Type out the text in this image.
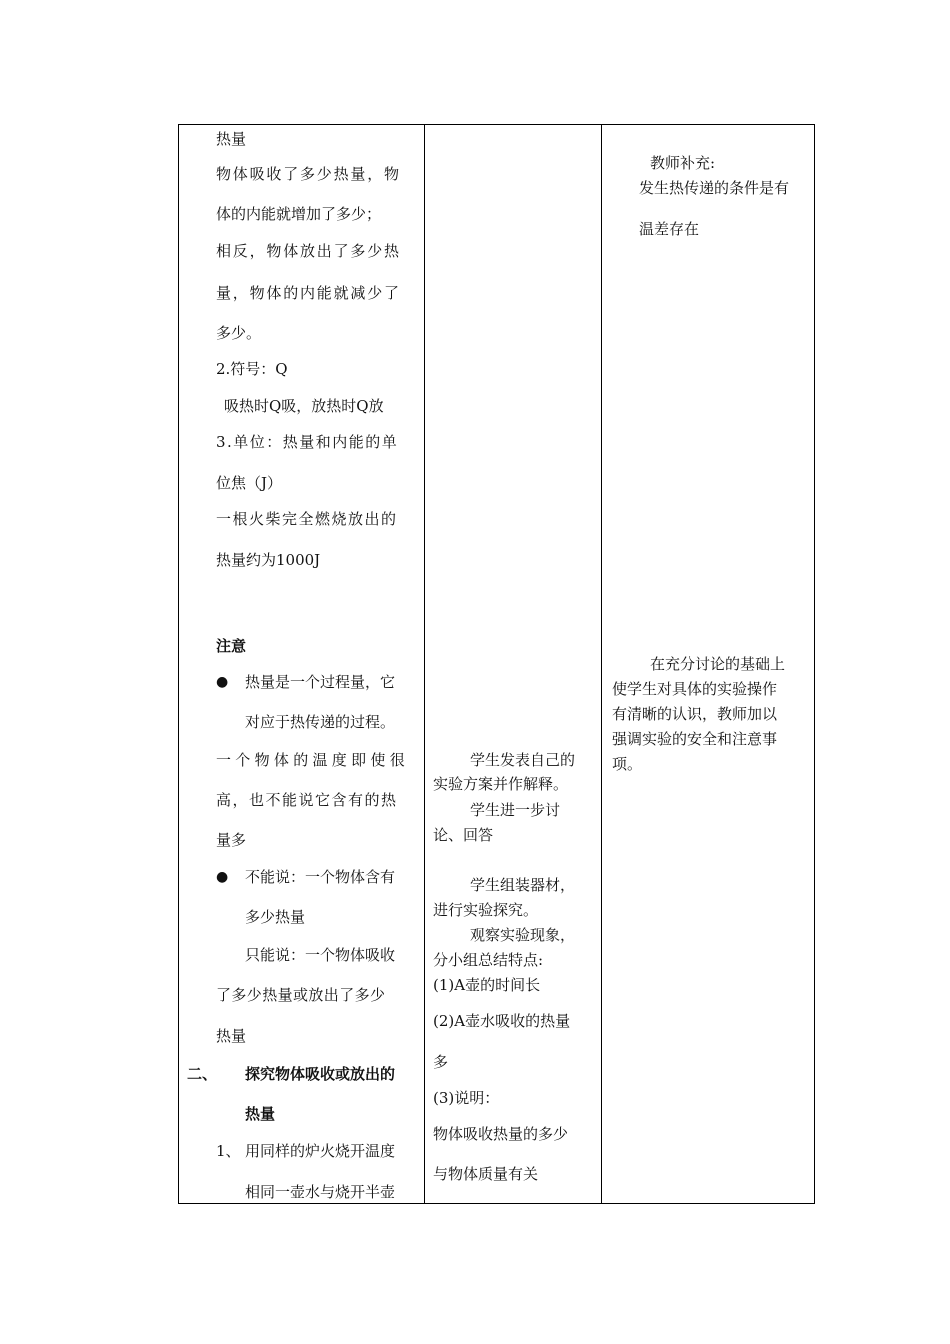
热量
物体吸收了多少热量，物
体的内能就增加了多少；
相反，物体放出了多少热
量，物体的内能就减少了
多少。
2.符号：Q
吸热时Q吸，放热时Q放
3.单位：热量和内能的单
位焦（J）
一根火柴完全燃烧放出的
热量约为1000J
注意
● 热量是一个过程量，它
对应于热传递的过程。
一个物体的温度即使很
高，也不能说它含有的热
量多
● 不能说：一个物体含有
多少热量
只能说：一个物体吸收
了多少热量或放出了多少
热量
二、 探究物体吸收或放出的
热量
1、 用同样的炉火烧开温度
相同一壶水与烧开半壶
学生发表自己的
实验方案并作解释。
学生进一步讨
论、回答
学生组装器材，
进行实验探究。
观察实验现象，
分小组总结特点:
(1)A壶的时间长
(2)A壶水吸收的热量
多
(3)说明：
物体吸收热量的多少
与物体质量有关
教师补充:
发生热传递的条件是有
温差存在
在充分讨论的基础上
使学生对具体的实验操作
有清晰的认识，教师加以
强调实验的安全和注意事
项。
